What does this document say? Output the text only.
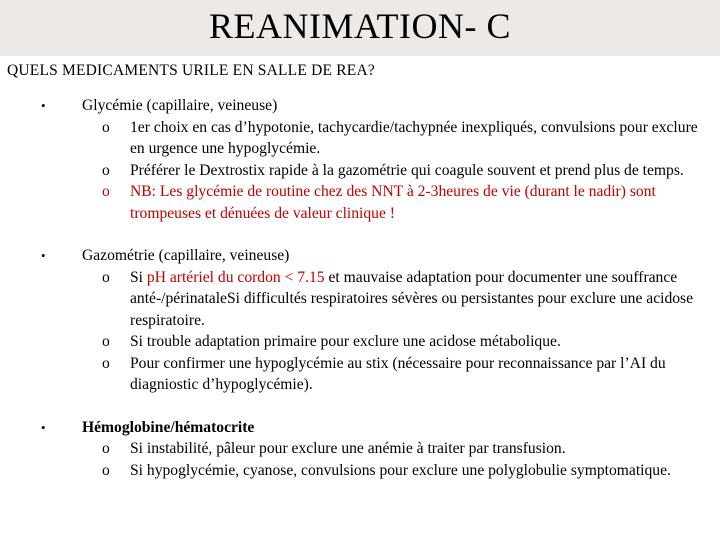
REANIMATION- C
QUELS MEDICAMENTS URILE EN SALLE DE REA?
• Glycémie (capillaire, veineuse)
o 1er choix en cas d’hypotonie, tachycardie/tachypnée inexpliqués, convulsions pour exclure en urgence une hypoglycémie.
o Préférer le Dextrostix rapide à la gazométrie qui coagule souvent et prend plus de temps.
o NB: Les glycémie de routine chez des NNT à 2-3heures de vie (durant le nadir) sont trompeuses et dénuées de valeur clinique !
• Gazométrie (capillaire, veineuse)
o Si pH artériel du cordon < 7.15 et mauvaise adaptation pour documenter une souffrance anté-/périnataleSi difficultés respiratoires sévères ou persistantes pour exclure une acidose respiratoire.
o Si trouble adaptation primaire pour exclure une acidose métabolique.
o Pour confirmer une hypoglycémie au stix (nécessaire pour reconnaissance par l’AI du diagniostic d’hypoglycémie).
• Hémoglobine/hématocrite
o Si instabilité, pâleur pour exclure une anémie à traiter par transfusion.
o Si hypoglycémie, cyanose, convulsions pour exclure une polyglobulie symptomatique.
